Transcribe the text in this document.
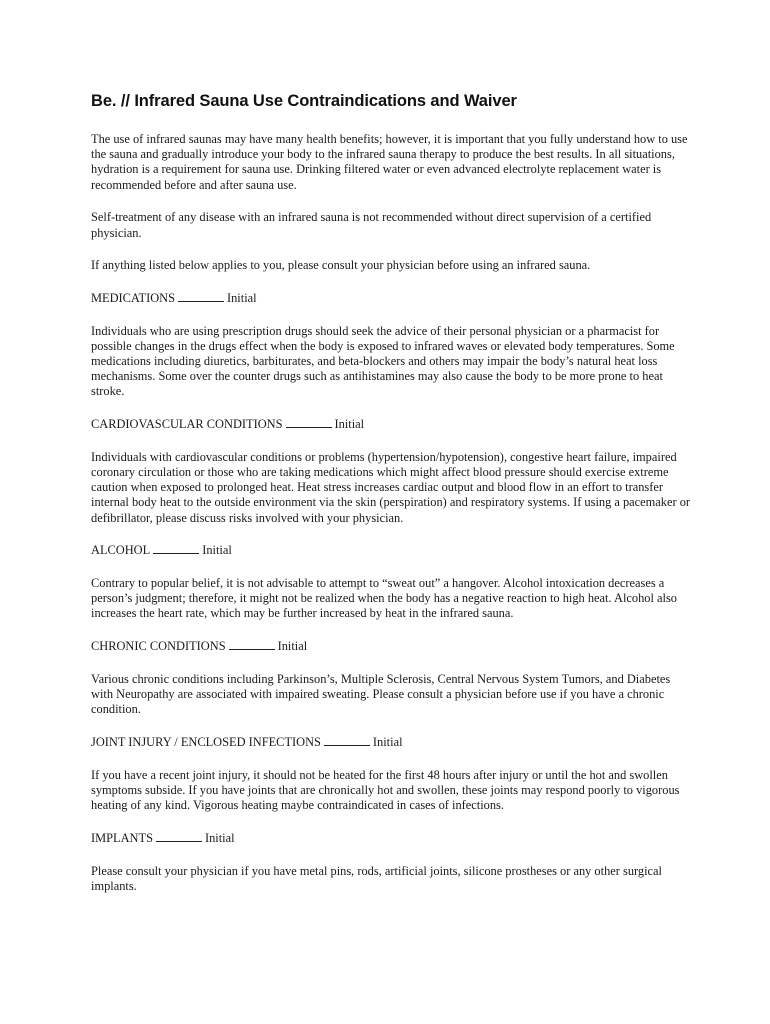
Be. // Infrared Sauna Use Contraindications and Waiver

The use of infrared saunas may have many health benefits; however, it is important that you fully understand how to use the sauna and gradually introduce your body to the infrared sauna therapy to produce the best results. In all situations, hydration is a requirement for sauna use. Drinking filtered water or even advanced electrolyte replacement water is recommended before and after sauna use.

Self-treatment of any disease with an infrared sauna is not recommended without direct supervision of a certified physician.

If anything listed below applies to you, please consult your physician before using an infrared sauna.

MEDICATIONS	Initial

Individuals who are using prescription drugs should seek the advice of their personal physician or a pharmacist for possible changes in the drugs effect when the body is exposed to infrared waves or elevated body temperatures. Some medications including diuretics, barbiturates, and beta-blockers and others may impair the body’s natural heat loss mechanisms. Some over the counter drugs such as antihistamines may also cause the body to be more prone to heat stroke.

CARDIOVASCULAR CONDITIONS	Initial

Individuals with cardiovascular conditions or problems (hypertension/hypotension), congestive heart failure, impaired coronary circulation or those who are taking medications which might affect blood pressure should exercise extreme caution when exposed to prolonged heat. Heat stress increases cardiac output and blood flow in an effort to transfer internal body heat to the outside environment via the skin (perspiration) and respiratory systems. If using a pacemaker or defibrillator, please discuss risks involved with your physician.

ALCOHOL	Initial

Contrary to popular belief, it is not advisable to attempt to “sweat out” a hangover. Alcohol intoxication decreases a person’s judgment; therefore, it might not be realized when the body has a negative reaction to high heat. Alcohol also increases the heart rate, which may be further increased by heat in the infrared sauna.

CHRONIC CONDITIONS	Initial

Various chronic conditions including Parkinson’s, Multiple Sclerosis, Central Nervous System Tumors, and Diabetes with Neuropathy are associated with impaired sweating. Please consult a physician before use if you have a chronic condition.

JOINT INJURY / ENCLOSED INFECTIONS	Initial

If you have a recent joint injury, it should not be heated for the first 48 hours after injury or until the hot and swollen symptoms subside. If you have joints that are chronically hot and swollen, these joints may respond poorly to vigorous heating of any kind. Vigorous heating maybe contraindicated in cases of infections.

IMPLANTS	Initial

Please consult your physician if you have metal pins, rods, artificial joints, silicone prostheses or any other surgical implants.
